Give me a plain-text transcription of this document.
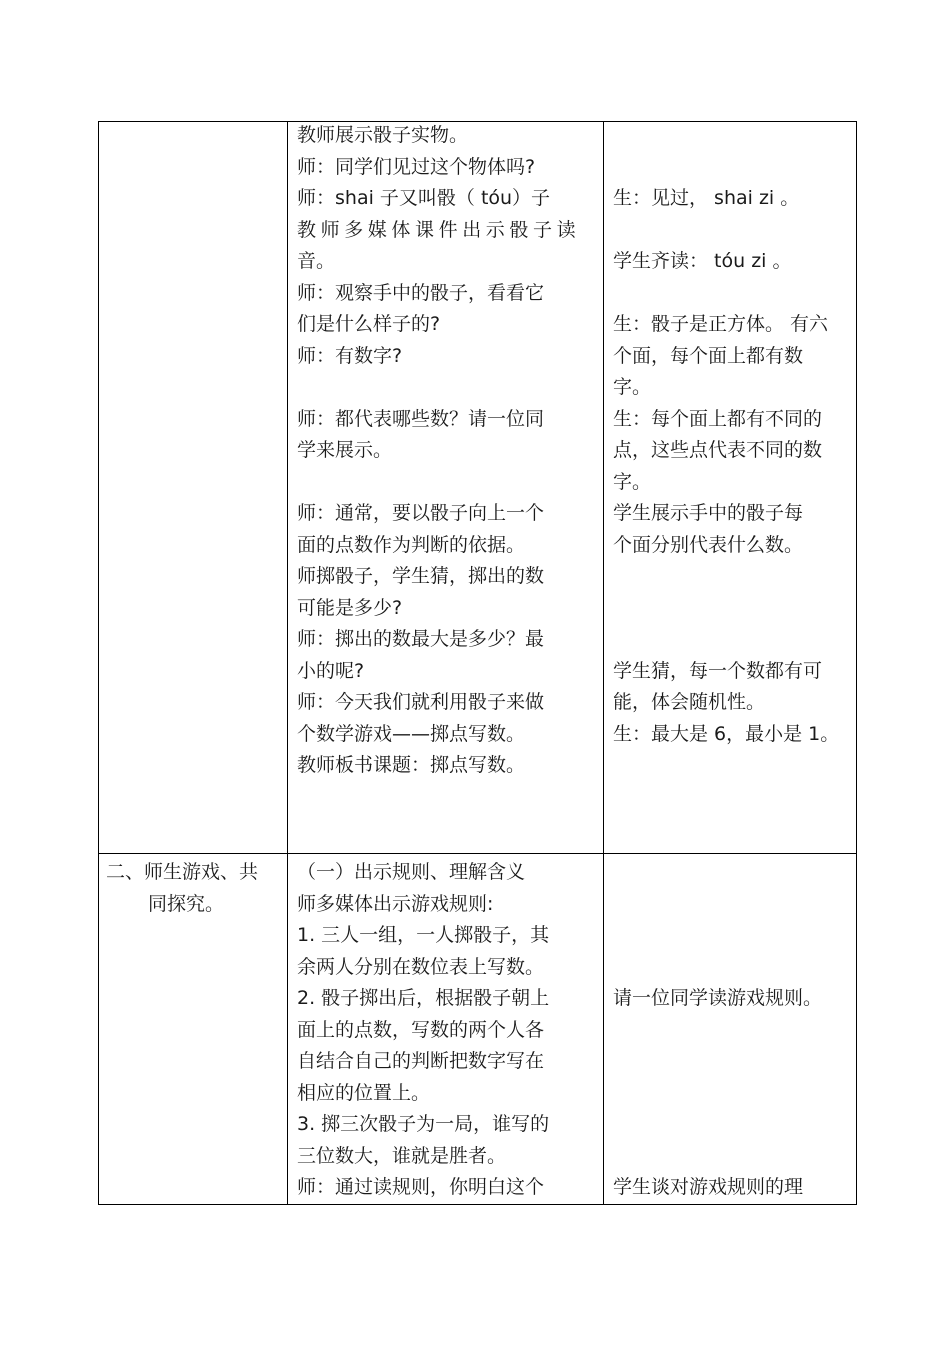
教师展示骰子实物。

师：同学们见过这个物体吗?

师：shai 子又叫骰（ tóu）子

教师多媒体课件出示骰子读

音。

师：观察手中的骰子，看看它

们是什么样子的?

师：有数字?

师：都代表哪些数？请一位同

学来展示。

师：通常，要以骰子向上一个

面的点数作为判断的依据。

师掷骰子，学生猜，掷出的数

可能是多少?

师：掷出的数最大是多少？最

小的呢?

师：今天我们就利用骰子来做

个数学游戏——掷点写数。

教师板书课题：掷点写数。

生：见过， shai zi 。

学生齐读： tóu zi 。

生：骰子是正方体。 有六

个面，每个面上都有数

字。

生：每个面上都有不同的

点，这些点代表不同的数

字。

学生展示手中的骰子每

个面分别代表什么数。

学生猜，每一个数都有可

能，体会随机性。

生：最大是 6，最小是 1。

二、师生游戏、共

同探究。

（一）出示规则、理解含义

师多媒体出示游戏规则:

1. 三人一组，一人掷骰子，其

余两人分别在数位表上写数。

2. 骰子掷出后，根据骰子朝上

面上的点数，写数的两个人各

自结合自己的判断把数字写在

相应的位置上。

3. 掷三次骰子为一局，谁写的

三位数大，谁就是胜者。

师：通过读规则，你明白这个

请一位同学读游戏规则。

学生谈对游戏规则的理
